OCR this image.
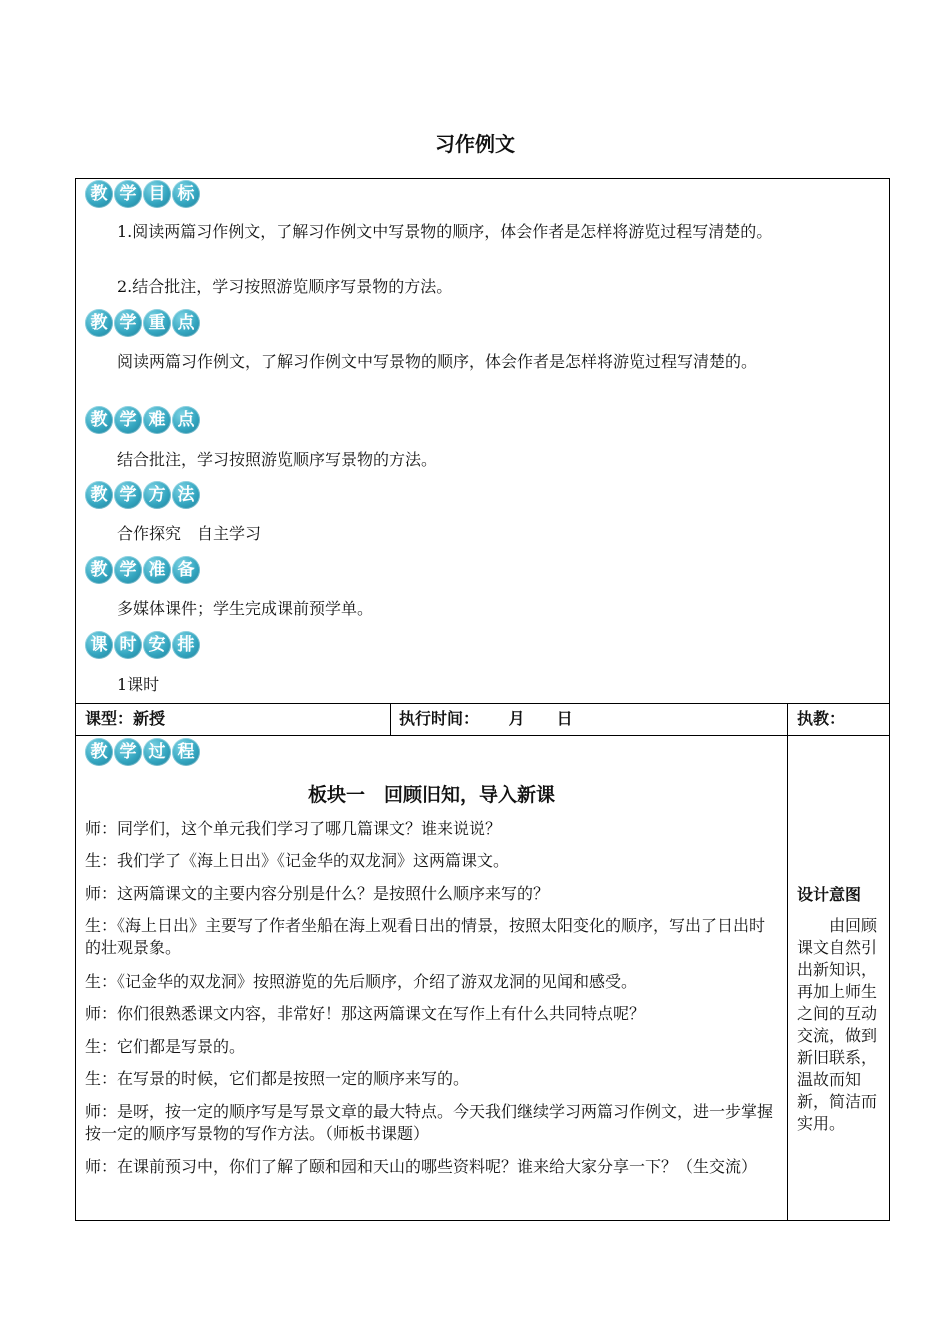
习作例文
教 学 目 标
1.阅读两篇习作例文，了解习作例文中写景物的顺序，体会作者是怎样将游览过程写清楚的。
2.结合批注，学习按照游览顺序写景物的方法。
教 学 重 点
阅读两篇习作例文，了解习作例文中写景物的顺序，体会作者是怎样将游览过程写清楚的。
教 学 难 点
结合批注，学习按照游览顺序写景物的方法。
教 学 方 法
合作探究　自主学习
教 学 准 备
多媒体课件；学生完成课前预学单。
课 时 安 排
1课时
课型：新授	执行时间：　　 月　　日	执教：
教 学 过 程
板块一　回顾旧知，导入新课
师：同学们，这个单元我们学习了哪几篇课文？谁来说说？
生：我们学了《海上日出》《记金华的双龙洞》这两篇课文。
师：这两篇课文的主要内容分别是什么？是按照什么顺序来写的？
生：《海上日出》主要写了作者坐船在海上观看日出的情景，按照太阳变化的顺序，写出了日出时的壮观景象。
生：《记金华的双龙洞》按照游览的先后顺序，介绍了游双龙洞的见闻和感受。
师：你们很熟悉课文内容，非常好！那这两篇课文在写作上有什么共同特点呢？
生：它们都是写景的。
生：在写景的时候，它们都是按照一定的顺序来写的。
师：是呀，按一定的顺序写是写景文章的最大特点。今天我们继续学习两篇习作例文，进一步掌握按一定的顺序写景物的写作方法。（师板书课题）
师：在课前预习中，你们了解了颐和园和天山的哪些资料呢？谁来给大家分享一下？（生交流）
设计意图
由回顾课文自然引出新知识，再加上师生之间的互动交流，做到新旧联系，温故而知新，简洁而实用。
